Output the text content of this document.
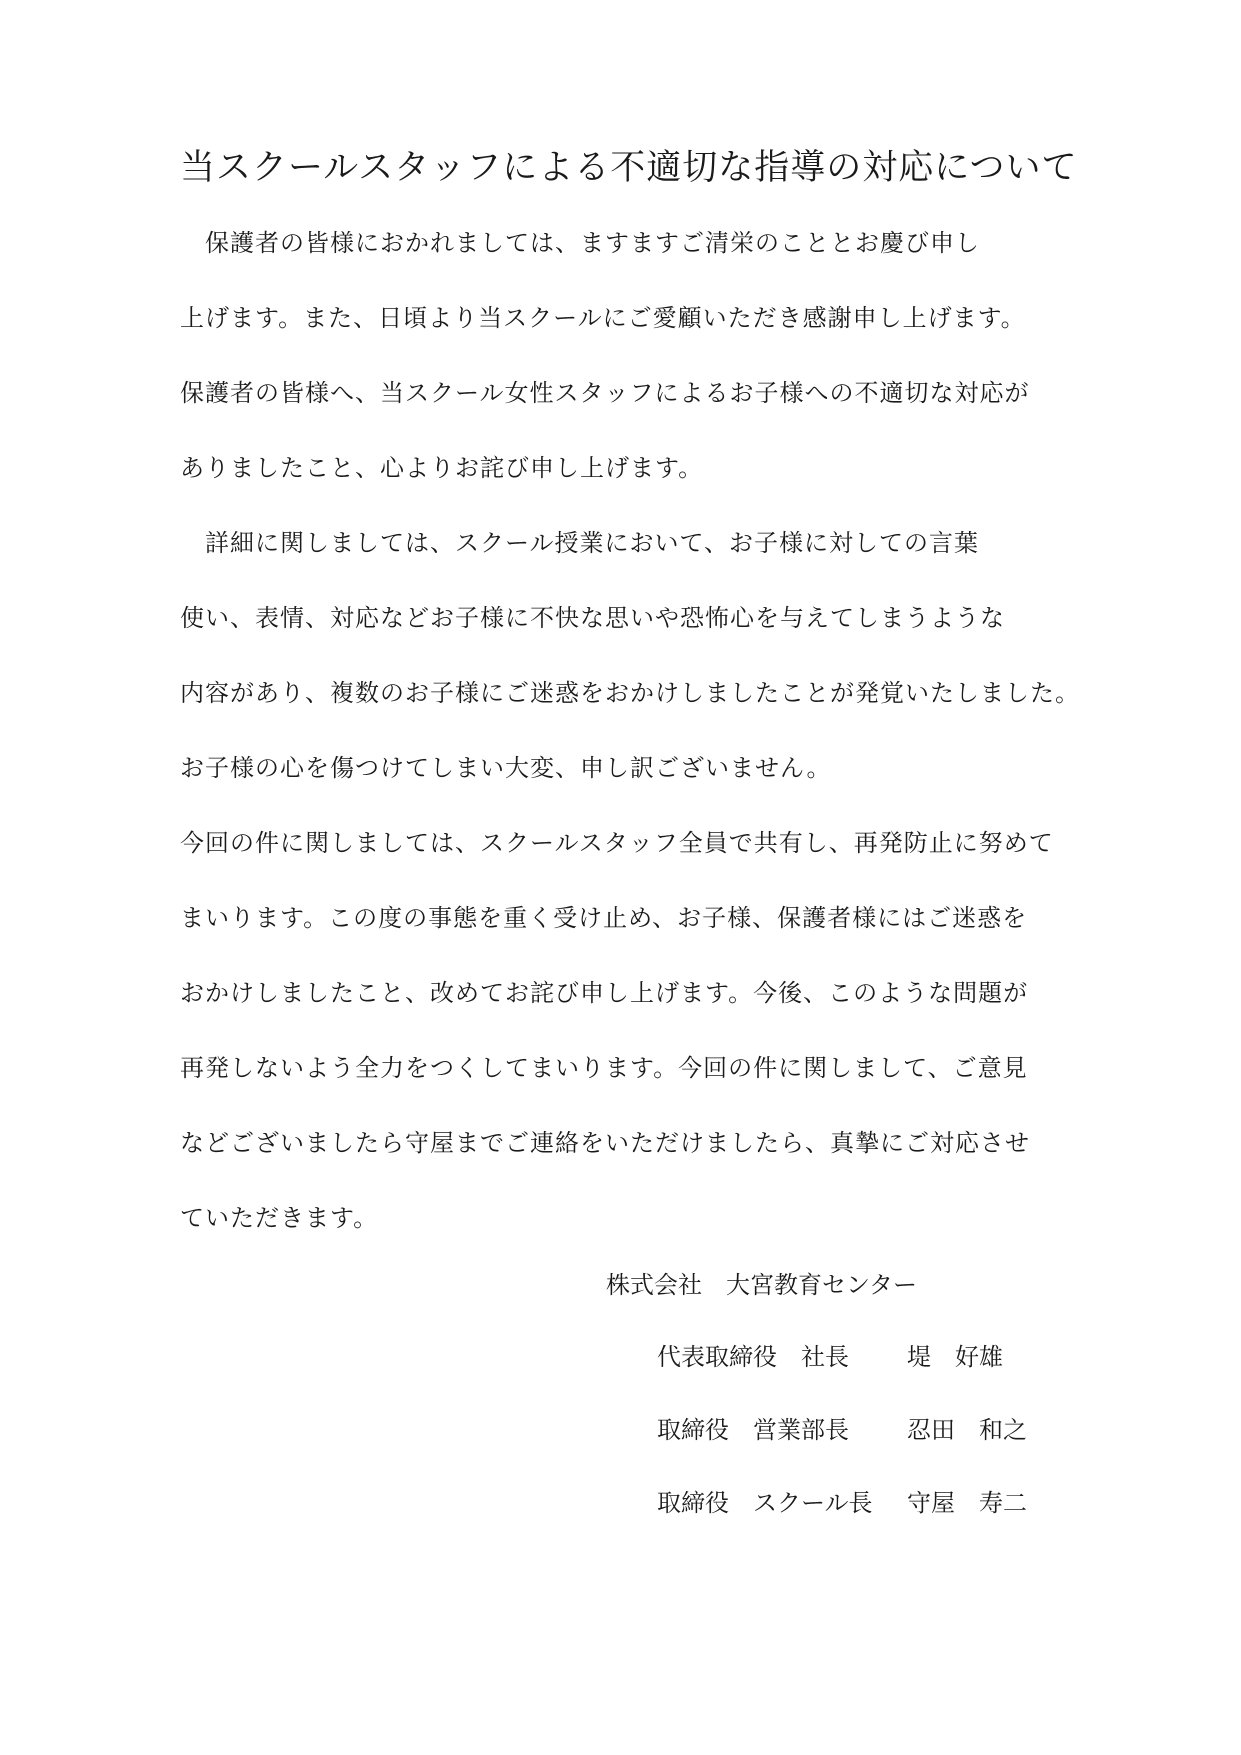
当スクールスタッフによる不適切な指導の対応について
　保護者の皆様におかれましては、ますますご清栄のこととお慶び申し
上げます。また、日頃より当スクールにご愛顧いただき感謝申し上げます。
保護者の皆様へ、当スクール女性スタッフによるお子様への不適切な対応が
ありましたこと、心よりお詫び申し上げます。
　詳細に関しましては、スクール授業において、お子様に対しての言葉
使い、表情、対応などお子様に不快な思いや恐怖心を与えてしまうような
内容があり、複数のお子様にご迷惑をおかけしましたことが発覚いたしました。
お子様の心を傷つけてしまい大変、申し訳ございません。
今回の件に関しましては、スクールスタッフ全員で共有し、再発防止に努めて
まいります。この度の事態を重く受け止め、お子様、保護者様にはご迷惑を
おかけしましたこと、改めてお詫び申し上げます。今後、このような問題が
再発しないよう全力をつくしてまいります。今回の件に関しまして、ご意見
などございましたら守屋までご連絡をいただけましたら、真摯にご対応させ
ていただきます。
株式会社　大宮教育センター
代表取締役　社長 堤　好雄
取締役　営業部長 忍田　和之
取締役　スクール長 守屋　寿二
